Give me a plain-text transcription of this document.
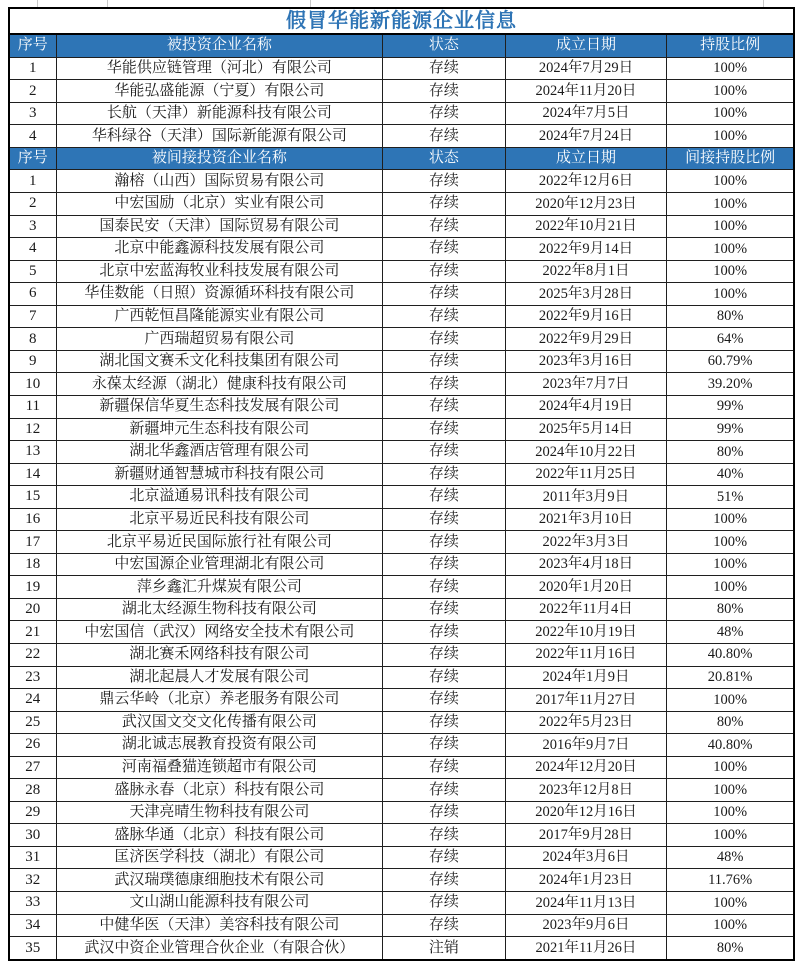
假冒华能新能源企业信息				
序号	被投资企业名称	状态	成立日期	持股比例
1	华能供应链管理（河北）有限公司	存续	2024年7月29日	100%
2	华能弘盛能源（宁夏）有限公司	存续	2024年11月20日	100%
3	长航（天津）新能源科技有限公司	存续	2024年7月5日	100%
4	华科绿谷（天津）国际新能源有限公司	存续	2024年7月24日	100%
序号	被间接投资企业名称	状态	成立日期	间接持股比例
1	瀚榕（山西）国际贸易有限公司	存续	2022年12月6日	100%
2	中宏国励（北京）实业有限公司	存续	2020年12月23日	100%
3	国泰民安（天津）国际贸易有限公司	存续	2022年10月21日	100%
4	北京中能鑫源科技发展有限公司	存续	2022年9月14日	100%
5	北京中宏蓝海牧业科技发展有限公司	存续	2022年8月1日	100%
6	华佳数能（日照）资源循环科技有限公司	存续	2025年3月28日	100%
7	广西乾恒昌隆能源实业有限公司	存续	2022年9月16日	80%
8	广西瑞超贸易有限公司	存续	2022年9月29日	64%
9	湖北国文赛禾文化科技集团有限公司	存续	2023年3月16日	60.79%
10	永葆太经源（湖北）健康科技有限公司	存续	2023年7月7日	39.20%
11	新疆保信华夏生态科技发展有限公司	存续	2024年4月19日	99%
12	新疆坤元生态科技有限公司	存续	2025年5月14日	99%
13	湖北华鑫酒店管理有限公司	存续	2024年10月22日	80%
14	新疆财通智慧城市科技有限公司	存续	2022年11月25日	40%
15	北京溢通易讯科技有限公司	存续	2011年3月9日	51%
16	北京平易近民科技有限公司	存续	2021年3月10日	100%
17	北京平易近民国际旅行社有限公司	存续	2022年3月3日	100%
18	中宏国源企业管理湖北有限公司	存续	2023年4月18日	100%
19	萍乡鑫汇升煤炭有限公司	存续	2020年1月20日	100%
20	湖北太经源生物科技有限公司	存续	2022年11月4日	80%
21	中宏国信（武汉）网络安全技术有限公司	存续	2022年10月19日	48%
22	湖北赛禾网络科技有限公司	存续	2022年11月16日	40.80%
23	湖北起晨人才发展有限公司	存续	2024年1月9日	20.81%
24	鼎云华岭（北京）养老服务有限公司	存续	2017年11月27日	100%
25	武汉国文交文化传播有限公司	存续	2022年5月23日	80%
26	湖北诚志展教育投资有限公司	存续	2016年9月7日	40.80%
27	河南福叠猫连锁超市有限公司	存续	2024年12月20日	100%
28	盛脉永春（北京）科技有限公司	存续	2023年12月8日	100%
29	天津亮晴生物科技有限公司	存续	2020年12月16日	100%
30	盛脉华通（北京）科技有限公司	存续	2017年9月28日	100%
31	匡济医学科技（湖北）有限公司	存续	2024年3月6日	48%
32	武汉瑞璞德康细胞技术有限公司	存续	2024年1月23日	11.76%
33	文山湖山能源科技有限公司	存续	2024年11月13日	100%
34	中健华医（天津）美容科技有限公司	存续	2023年9月6日	100%
35	武汉中资企业管理合伙企业（有限合伙）	注销	2021年11月26日	80%
